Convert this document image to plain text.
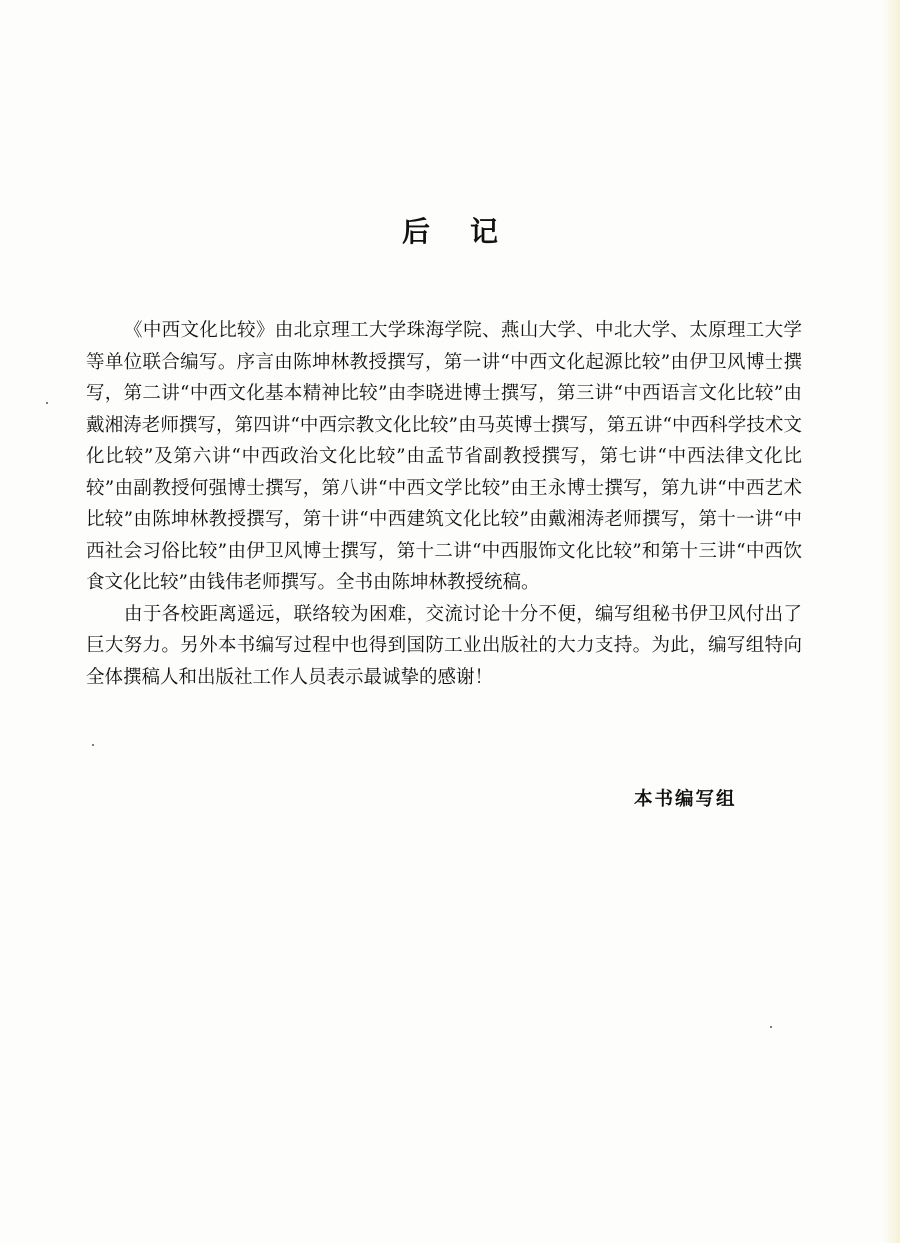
后记

《中西文化比较》由北京理工大学珠海学院、燕山大学、中北大学、太原理工大学等单位联合编写。序言由陈坤林教授撰写，第一讲“中西文化起源比较”由伊卫风博士撰写，第二讲“中西文化基本精神比较”由李晓进博士撰写，第三讲“中西语言文化比较”由戴湘涛老师撰写，第四讲“中西宗教文化比较”由马英博士撰写，第五讲“中西科学技术文化比较”及第六讲“中西政治文化比较”由孟节省副教授撰写，第七讲“中西法律文化比较”由副教授何强博士撰写，第八讲“中西文学比较”由王永博士撰写，第九讲“中西艺术比较”由陈坤林教授撰写，第十讲“中西建筑文化比较”由戴湘涛老师撰写，第十一讲“中西社会习俗比较”由伊卫风博士撰写，第十二讲“中西服饰文化比较”和第十三讲“中西饮食文化比较”由钱伟老师撰写。全书由陈坤林教授统稿。

由于各校距离遥远，联络较为困难，交流讨论十分不便，编写组秘书伊卫风付出了巨大努力。另外本书编写过程中也得到国防工业出版社的大力支持。为此，编写组特向全体撰稿人和出版社工作人员表示最诚挚的感谢！

本书编写组
